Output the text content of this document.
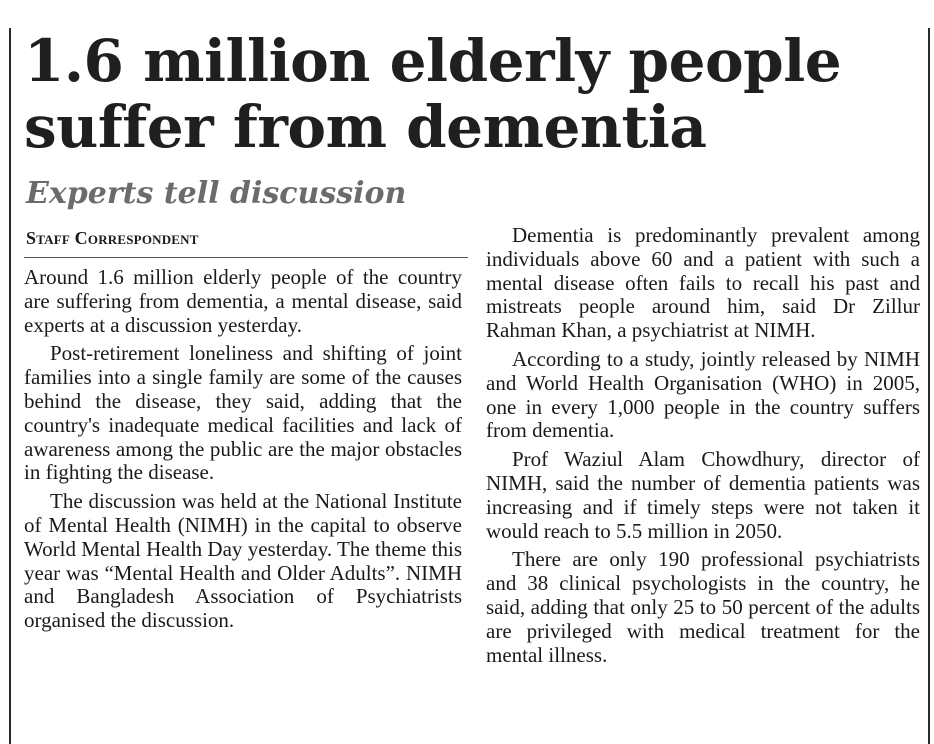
1.6 million elderly people suffer from dementia
Experts tell discussion
Staff Correspondent

Around 1.6 million elderly people of the country are suffering from dementia, a mental disease, said experts at a discussion yesterday.

Post-retirement loneliness and shifting of joint families into a single family are some of the causes behind the disease, they said, adding that the country's inadequate medical facilities and lack of awareness among the public are the major obstacles in fighting the disease.

The discussion was held at the National Institute of Mental Health (NIMH) in the capital to observe World Mental Health Day yesterday. The theme this year was “Mental Health and Older Adults”. NIMH and Bangladesh Association of Psychiatrists organised the discussion.

Dementia is predominantly prevalent among individuals above 60 and a patient with such a mental disease often fails to recall his past and mistreats people around him, said Dr Zillur Rahman Khan, a psychiatrist at NIMH.

According to a study, jointly released by NIMH and World Health Organisation (WHO) in 2005, one in every 1,000 people in the country suffers from dementia.

Prof Waziul Alam Chowdhury, director of NIMH, said the number of dementia patients was increasing and if timely steps were not taken it would reach to 5.5 million in 2050.

There are only 190 professional psychiatrists and 38 clinical psychologists in the country, he said, adding that only 25 to 50 percent of the adults are privileged with medical treatment for the mental illness.
